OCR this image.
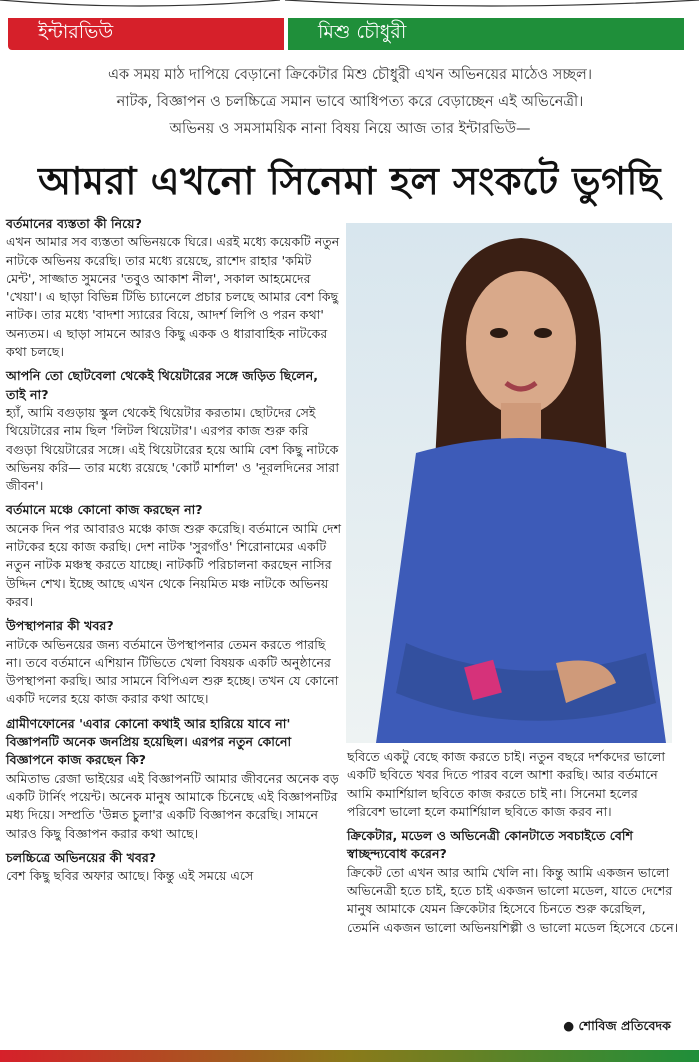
ইন্টারভিউ	মিশু চৌধুরী
এক সময় মাঠ দাপিয়ে বেড়ানো ক্রিকেটার মিশু চৌধুরী এখন অভিনয়ের মাঠেও সচ্ছল।
নাটক, বিজ্ঞাপন ও চলচ্চিত্রে সমান ভাবে আধিপত্য করে বেড়াচ্ছেন এই অভিনেত্রী।
অভিনয় ও সমসাময়িক নানা বিষয় নিয়ে আজ তার ইন্টারভিউ—
আমরা এখনো সিনেমা হল সংকটে ভুগছি
বর্তমানের ব্যস্ততা কী নিয়ে?
এখন আমার সব ব্যস্ততা অভিনয়কে ঘিরে। এরই মধ্যে কয়েকটি নতুন নাটকে অভিনয় করেছি। তার মধ্যে রয়েছে, রাশেদ রাহার 'কমিট মেন্ট', সাজ্জাত সুমনের 'তবুও আকাশ নীল', সকাল আহমেদের 'খেয়া'। এ ছাড়া বিভিন্ন টিভি চ্যানেলে প্রচার চলছে আমার বেশ কিছু নাটক। তার মধ্যে 'বাদশা স্যারের বিয়ে, আদর্শ লিপি ও পরন কথা' অন্যতম। এ ছাড়া সামনে আরও কিছু একক ও ধারাবাহিক নাটকের কথা চলছে।
আপনি তো ছোটবেলা থেকেই থিয়েটারের সঙ্গে জড়িত ছিলেন, তাই না?
হ্যাঁ, আমি বগুড়ায় স্কুল থেকেই থিয়েটার করতাম। ছোটদের সেই থিয়েটারের নাম ছিল 'লিটল থিয়েটার'। এরপর কাজ শুরু করি বগুড়া থিয়েটারের সঙ্গে। এই থিয়েটারের হয়ে আমি বেশ কিছু নাটকে অভিনয় করি— তার মধ্যে রয়েছে 'কোর্ট মার্শাল' ও 'নূরলদিনের সারা জীবন'।
বর্তমানে মঞ্চে কোনো কাজ করছেন না?
অনেক দিন পর আবারও মঞ্চে কাজ শুরু করেছি। বর্তমানে আমি দেশ নাটকের হয়ে কাজ করছি। দেশ নাটক 'সুরগাঁও' শিরোনামের একটি নতুন নাটক মঞ্চস্থ করতে যাচ্ছে। নাটকটি পরিচালনা করছেন নাসির উদ্দিন শেখ। ইচ্ছে আছে এখন থেকে নিয়মিত মঞ্চ নাটকে অভিনয় করব।
উপস্থাপনার কী খবর?
নাটকে অভিনয়ের জন্য বর্তমানে উপস্থাপনার তেমন করতে পারছি না। তবে বর্তমানে এশিয়ান টিভিতে খেলা বিষয়ক একটি অনুষ্ঠানের উপস্থাপনা করছি। আর সামনে বিপিএল শুরু হচ্ছে। তখন যে কোনো একটি দলের হয়ে কাজ করার কথা আছে।
গ্রামীণফোনের 'এবার কোনো কথাই আর হারিয়ে যাবে না' বিজ্ঞাপনটি অনেক জনপ্রিয় হয়েছিল। এরপর নতুন কোনো বিজ্ঞাপনে কাজ করছেন কি?
অমিতাভ রেজা ভাইয়ের এই বিজ্ঞাপনটি আমার জীবনের অনেক বড় একটি টার্নিং পয়েন্ট। অনেক মানুষ আমাকে চিনেছে এই বিজ্ঞাপনটির মধ্য দিয়ে। সম্প্রতি 'উন্নত চুলা'র একটি বিজ্ঞাপন করেছি। সামনে আরও কিছু বিজ্ঞাপন করার কথা আছে।
চলচ্চিত্রে অভিনয়ের কী খবর?
বেশ কিছু ছবির অফার আছে। কিন্তু এই সময়ে এসে
ছবিতে একটু বেছে কাজ করতে চাই। নতুন বছরে দর্শকদের ভালো একটি ছবিতে খবর দিতে পারব বলে আশা করছি। আর বর্তমানে আমি কমার্শিয়াল ছবিতে কাজ করতে চাই না। সিনেমা হলের পরিবেশ ভালো হলে কমার্শিয়াল ছবিতে কাজ করব না।
ক্রিকেটার, মডেল ও অভিনেত্রী কোনটাতে সবচাইতে বেশি স্বাচ্ছন্দ্যবোধ করেন?
ক্রিকেট তো এখন আর আমি খেলি না। কিন্তু আমি একজন ভালো অভিনেত্রী হতে চাই, হতে চাই একজন ভালো মডেল, যাতে দেশের মানুষ আমাকে যেমন ক্রিকেটার হিসেবে চিনতে শুরু করেছিল, তেমনি একজন ভালো অভিনয়শিল্পী ও ভালো মডেল হিসেবে চেনে।
● শোবিজ প্রতিবেদক
